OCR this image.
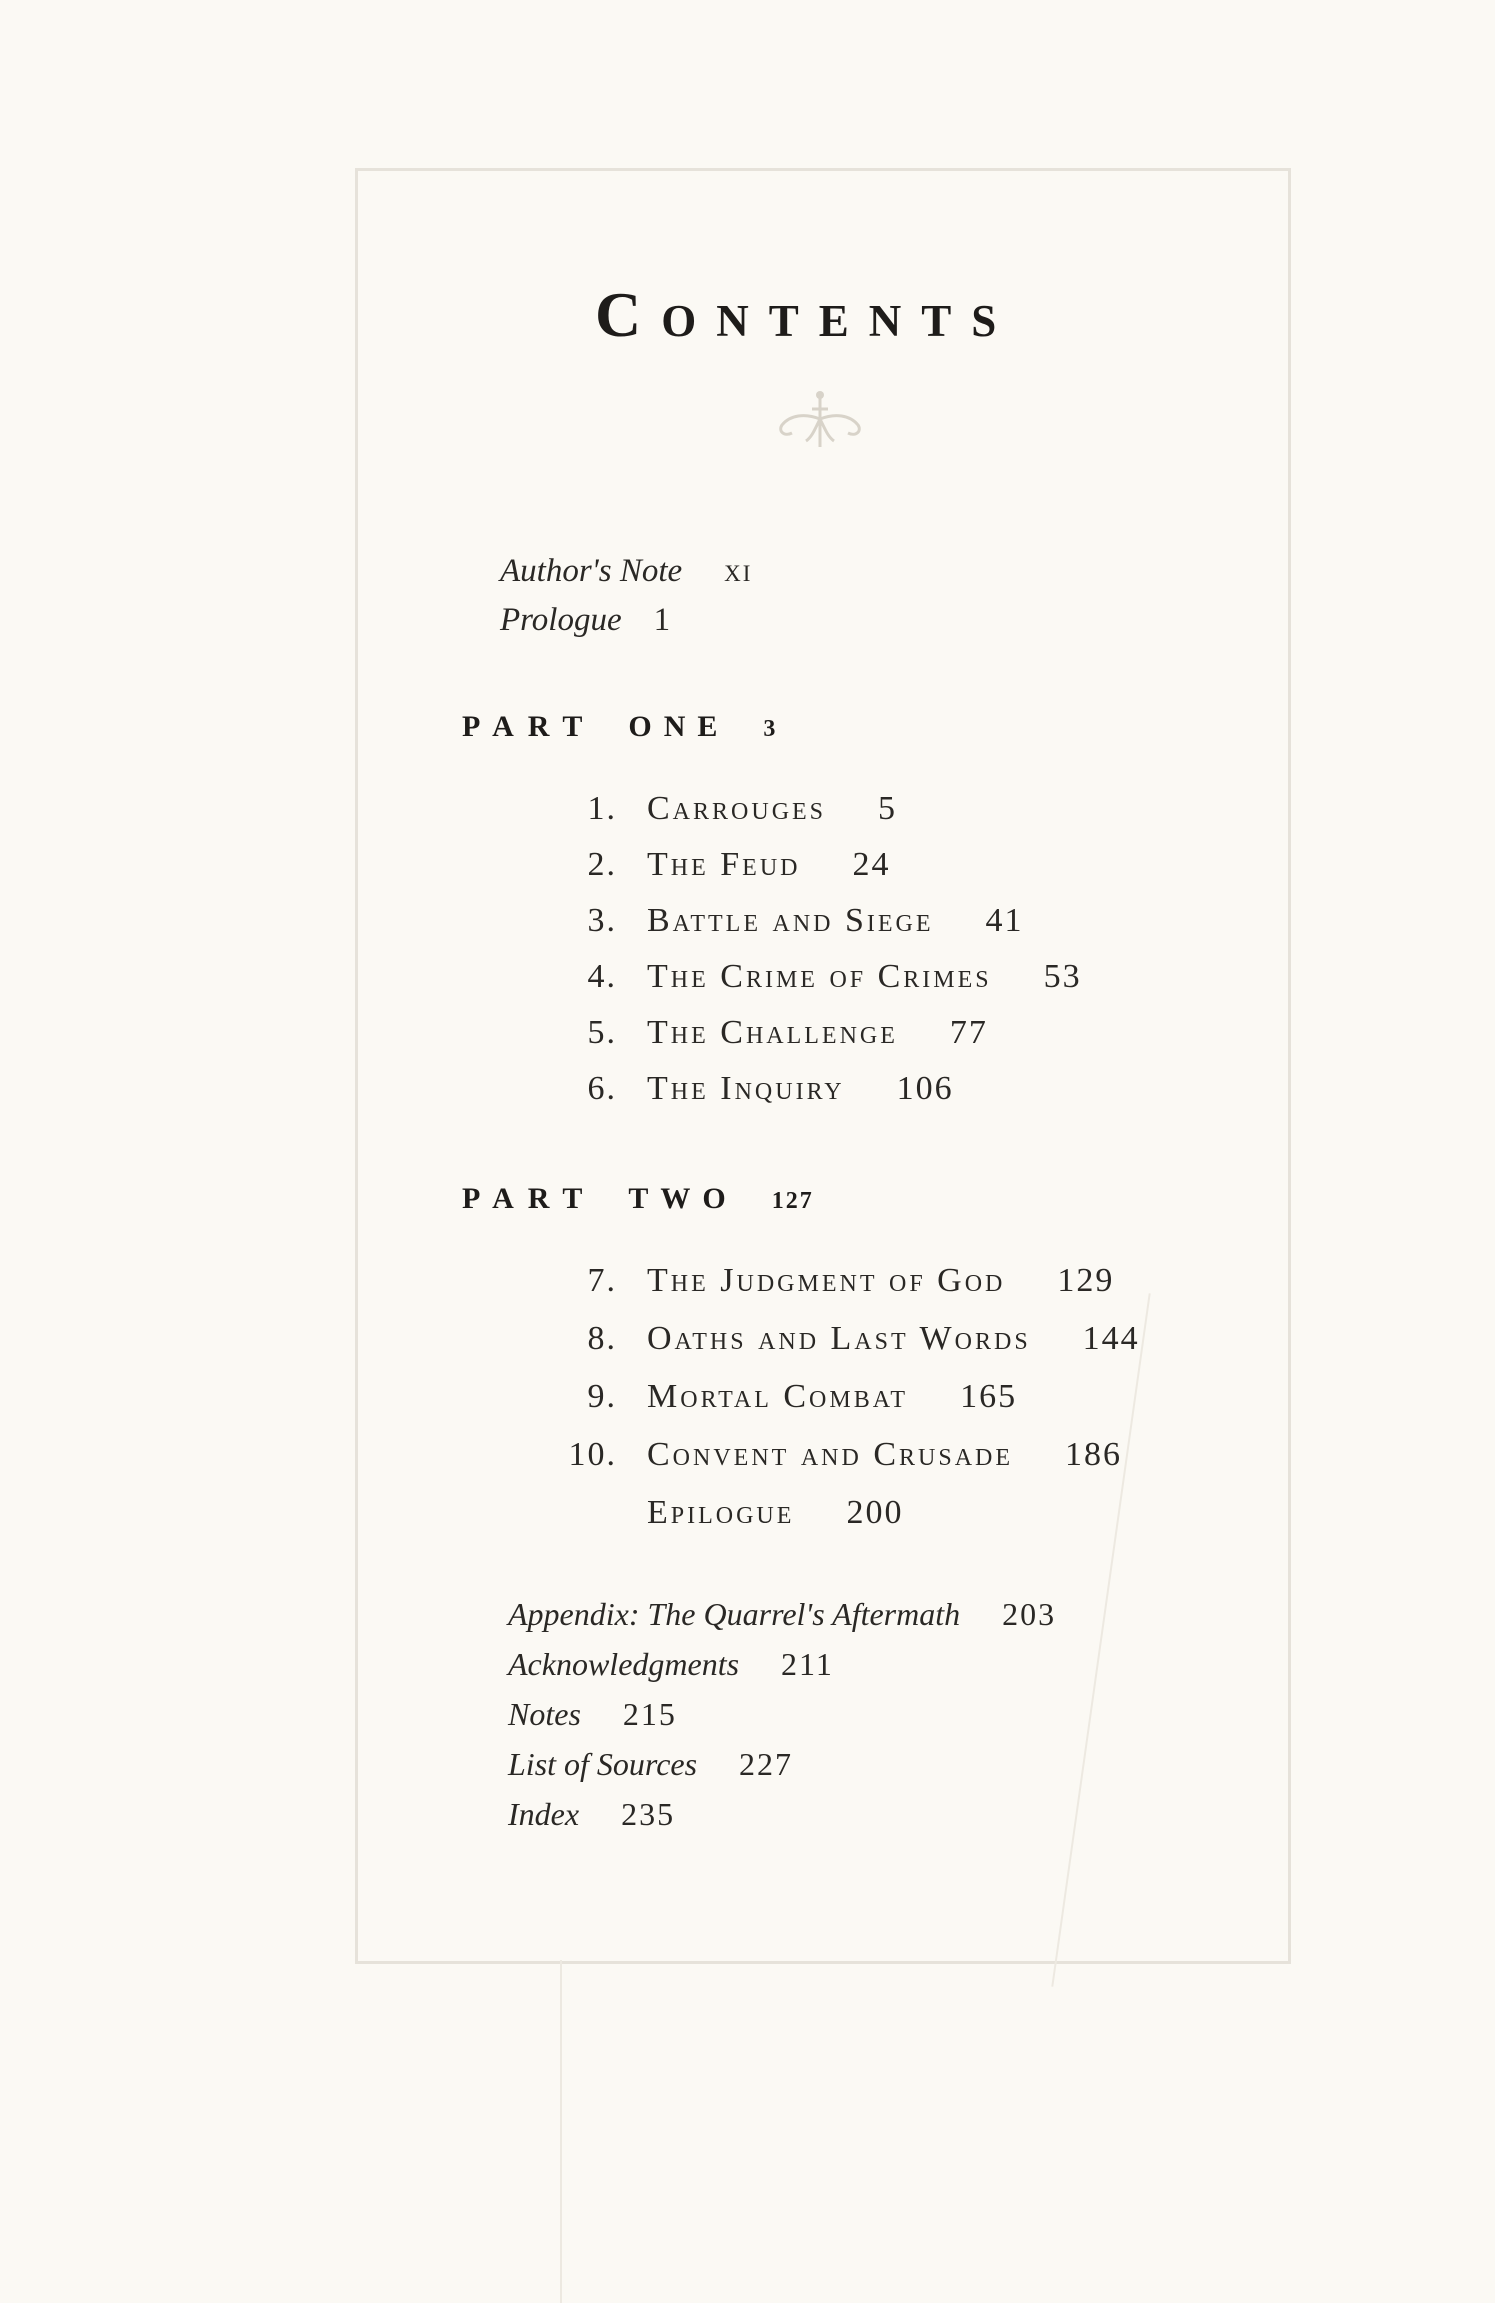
Contents
Author's Note xi
Prologue 1
PART ONE 3
1. Carrouges 5
2. The Feud 24
3. Battle and Siege 41
4. The Crime of Crimes 53
5. The Challenge 77
6. The Inquiry 106
PART TWO 127
7. The Judgment of God 129
8. Oaths and Last Words 144
9. Mortal Combat 165
10. Convent and Crusade 186
Epilogue 200
Appendix: The Quarrel's Aftermath 203
Acknowledgments 211
Notes 215
List of Sources 227
Index 235
